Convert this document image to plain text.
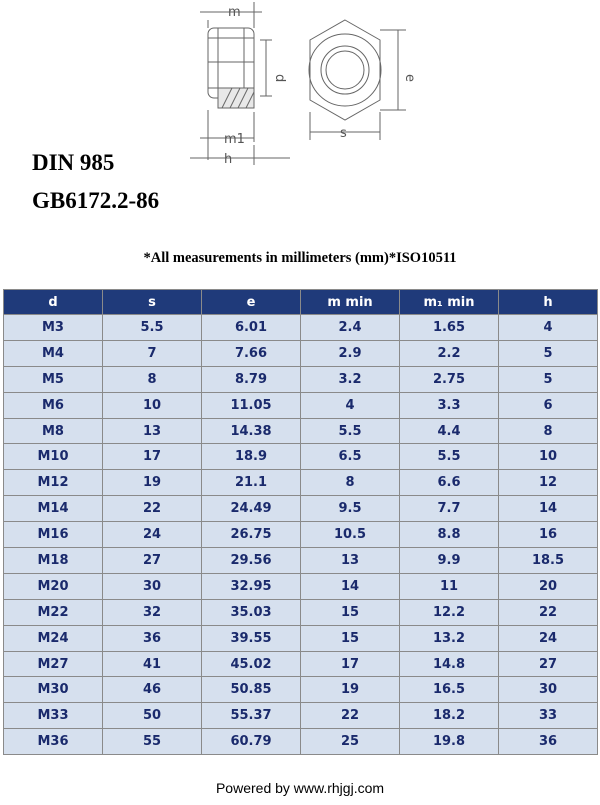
m
d
m1
h
e
s
DIN 985
GB6172.2-86
*All measurements in millimeters (mm)*ISO10511
d	s	e	m min	m₁ min	h
M3	5.5	6.01	2.4	1.65	4
M4	7	7.66	2.9	2.2	5
M5	8	8.79	3.2	2.75	5
M6	10	11.05	4	3.3	6
M8	13	14.38	5.5	4.4	8
M10	17	18.9	6.5	5.5	10
M12	19	21.1	8	6.6	12
M14	22	24.49	9.5	7.7	14
M16	24	26.75	10.5	8.8	16
M18	27	29.56	13	9.9	18.5
M20	30	32.95	14	11	20
M22	32	35.03	15	12.2	22
M24	36	39.55	15	13.2	24
M27	41	45.02	17	14.8	27
M30	46	50.85	19	16.5	30
M33	50	55.37	22	18.2	33
M36	55	60.79	25	19.8	36
Powered by www.rhjgj.com
